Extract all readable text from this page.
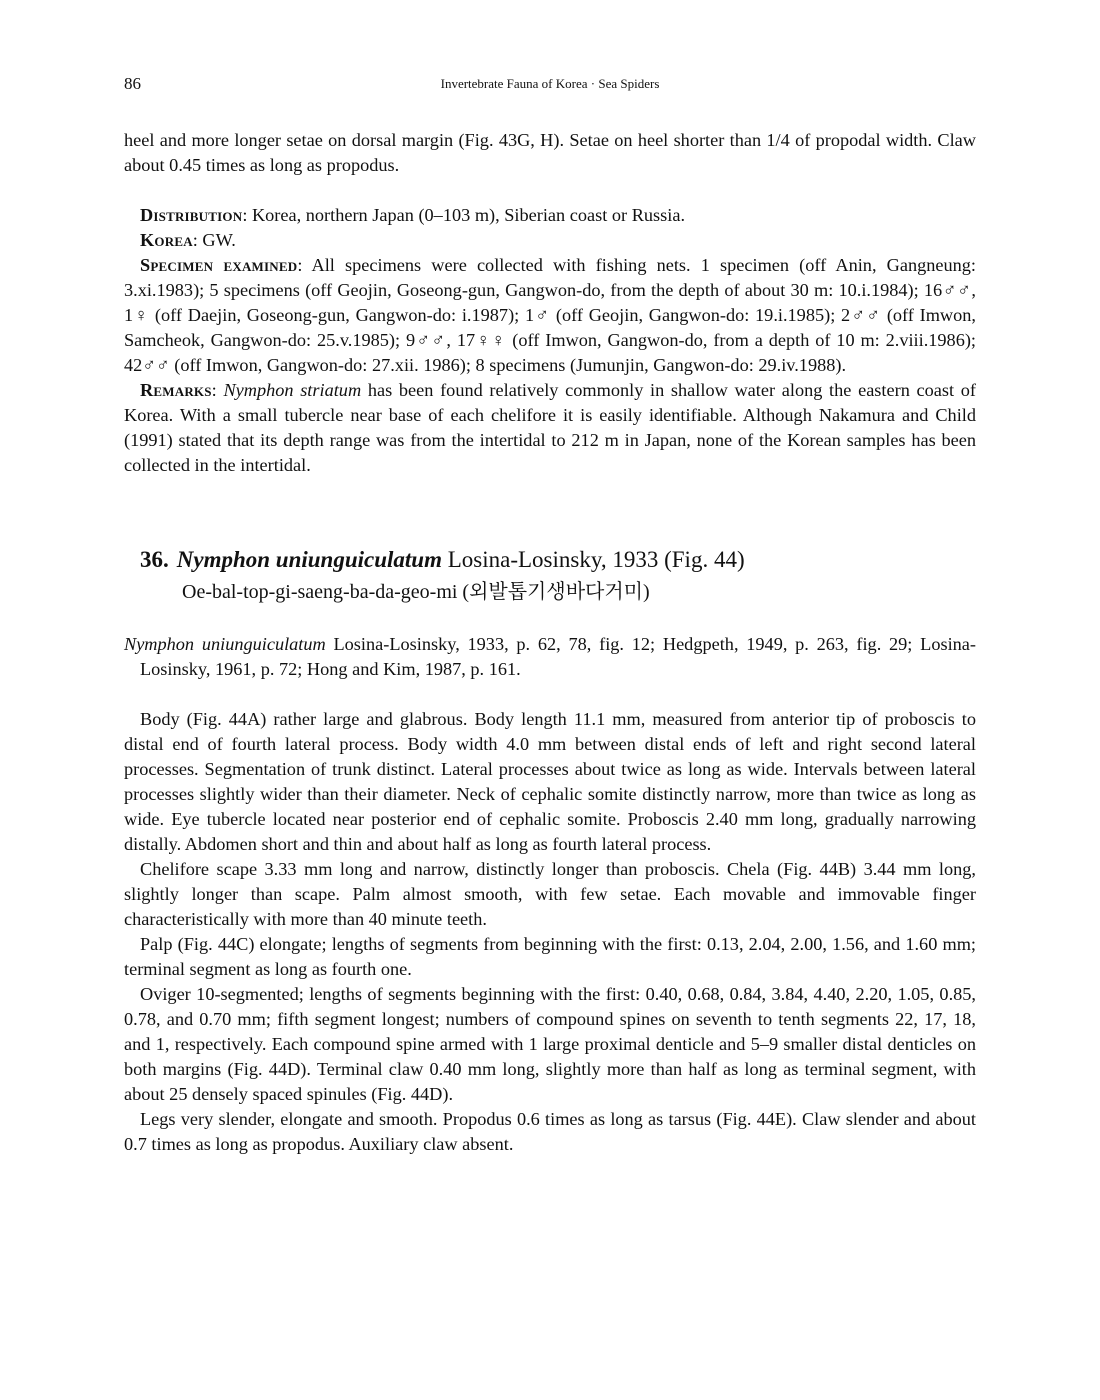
86	Invertebrate Fauna of Korea · Sea Spiders

heel and more longer setae on dorsal margin (Fig. 43G, H). Setae on heel shorter than 1/4 of propodal width. Claw about 0.45 times as long as propodus.

Distribution: Korea, northern Japan (0–103 m), Siberian coast or Russia.

Korea: GW.

Specimen examined: All specimens were collected with fishing nets. 1 specimen (off Anin, Gangneung: 3.xi.1983); 5 specimens (off Geojin, Goseong-gun, Gangwon-do, from the depth of about 30 m: 10.i.1984); 16♂♂, 1♀ (off Daejin, Goseong-gun, Gangwon-do: i.1987); 1♂ (off Geojin, Gangwon-do: 19.i.1985); 2♂♂ (off Imwon, Samcheok, Gangwon-do: 25.v.1985); 9♂♂, 17♀♀ (off Imwon, Gangwon-do, from a depth of 10 m: 2.viii.1986); 42♂♂ (off Imwon, Gangwon-do: 27.xii. 1986); 8 specimens (Jumunjin, Gangwon-do: 29.iv.1988).

Remarks: Nymphon striatum has been found relatively commonly in shallow water along the eastern coast of Korea. With a small tubercle near base of each chelifore it is easily identifiable. Although Nakamura and Child (1991) stated that its depth range was from the intertidal to 212 m in Japan, none of the Korean samples has been collected in the intertidal.

36. Nymphon uniunguiculatum Losina-Losinsky, 1933 (Fig. 44)
Oe-bal-top-gi-saeng-ba-da-geo-mi (외발톱기생바다거미)

Nymphon uniunguiculatum Losina-Losinsky, 1933, p. 62, 78, fig. 12; Hedgpeth, 1949, p. 263, fig. 29; Losina-Losinsky, 1961, p. 72; Hong and Kim, 1987, p. 161.

Body (Fig. 44A) rather large and glabrous. Body length 11.1 mm, measured from anterior tip of proboscis to distal end of fourth lateral process. Body width 4.0 mm between distal ends of left and right second lateral processes. Segmentation of trunk distinct. Lateral processes about twice as long as wide. Intervals between lateral processes slightly wider than their diameter. Neck of cephalic somite distinctly narrow, more than twice as long as wide. Eye tubercle located near posterior end of cephalic somite. Proboscis 2.40 mm long, gradually narrowing distally. Abdomen short and thin and about half as long as fourth lateral process.

Chelifore scape 3.33 mm long and narrow, distinctly longer than proboscis. Chela (Fig. 44B) 3.44 mm long, slightly longer than scape. Palm almost smooth, with few setae. Each movable and immovable finger characteristically with more than 40 minute teeth.

Palp (Fig. 44C) elongate; lengths of segments from beginning with the first: 0.13, 2.04, 2.00, 1.56, and 1.60 mm; terminal segment as long as fourth one.

Oviger 10-segmented; lengths of segments beginning with the first: 0.40, 0.68, 0.84, 3.84, 4.40, 2.20, 1.05, 0.85, 0.78, and 0.70 mm; fifth segment longest; numbers of compound spines on seventh to tenth segments 22, 17, 18, and 1, respectively. Each compound spine armed with 1 large proximal denticle and 5–9 smaller distal denticles on both margins (Fig. 44D). Terminal claw 0.40 mm long, slightly more than half as long as terminal segment, with about 25 densely spaced spinules (Fig. 44D).

Legs very slender, elongate and smooth. Propodus 0.6 times as long as tarsus (Fig. 44E). Claw slender and about 0.7 times as long as propodus. Auxiliary claw absent.
